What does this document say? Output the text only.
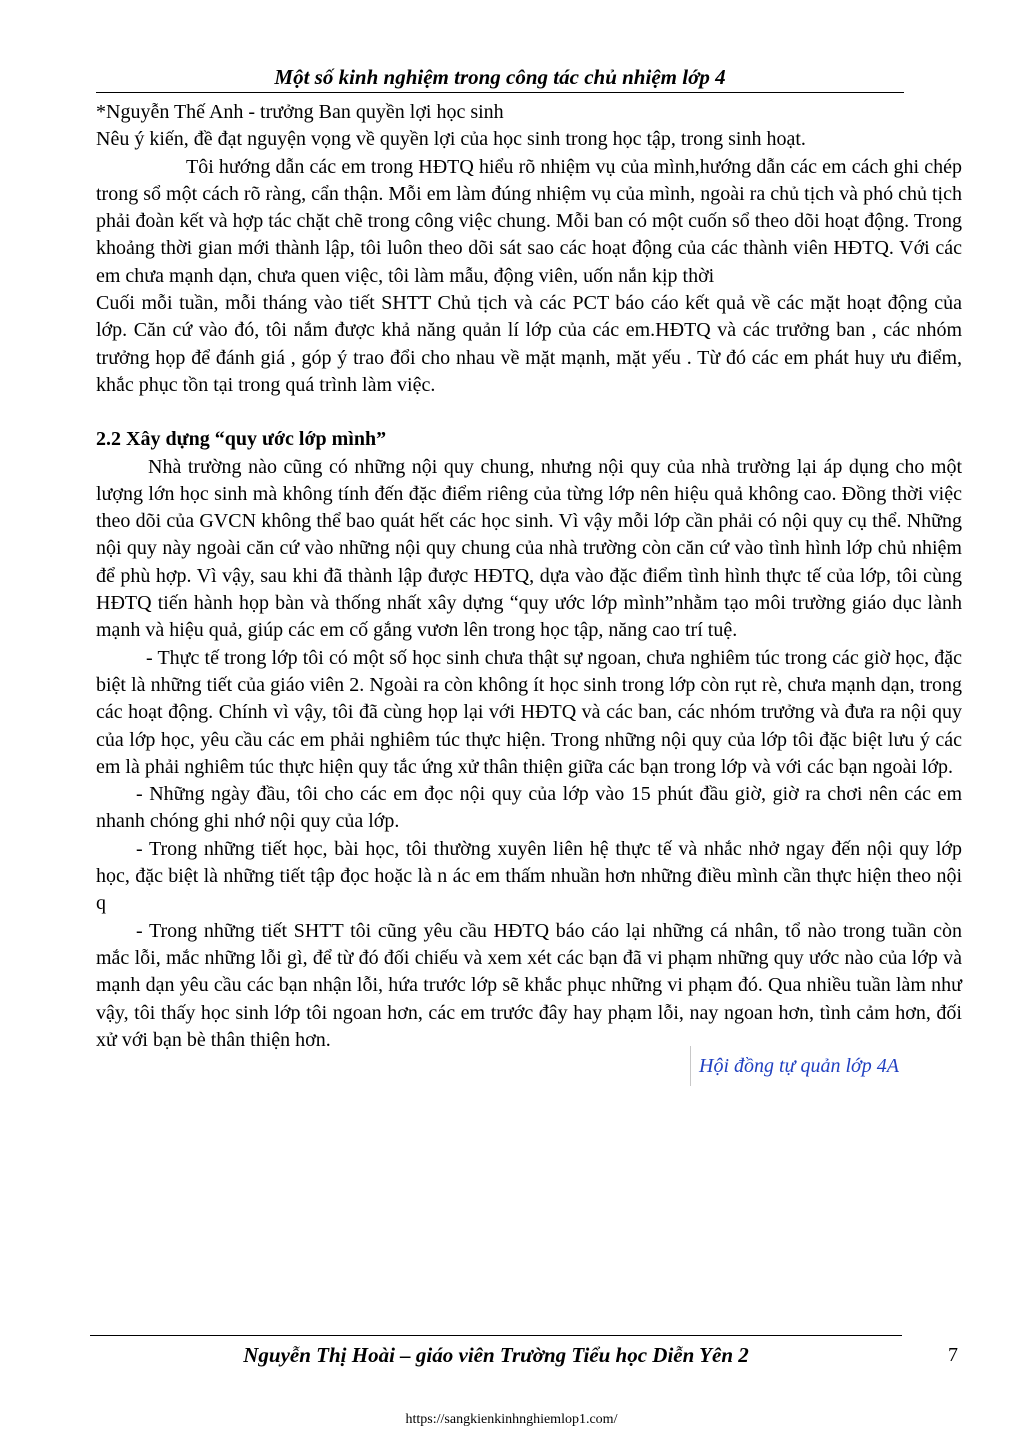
Một số kinh nghiệm trong công tác chủ nhiệm lớp 4

*Nguyễn Thế Anh - trưởng Ban quyền lợi học sinh

Nêu ý kiến, đề đạt nguyện vọng về quyền lợi của học sinh trong học tập, trong sinh hoạt.

Tôi hướng dẫn các em trong HĐTQ hiểu rõ nhiệm vụ của mình,hướng dẫn các em cách ghi chép trong sổ một cách rõ ràng, cẩn thận. Mỗi em làm đúng nhiệm vụ của mình, ngoài ra chủ tịch và phó chủ tịch phải đoàn kết và hợp tác chặt chẽ trong công việc chung. Mỗi ban có một cuốn sổ theo dõi hoạt động. Trong khoảng thời gian mới thành lập, tôi luôn theo dõi sát sao các hoạt động của các thành viên HĐTQ. Với các em chưa mạnh dạn, chưa quen việc, tôi làm mẫu, động viên, uốn nắn kịp thời

Cuối mỗi tuần, mỗi tháng vào tiết SHTT Chủ tịch và các PCT báo cáo kết quả về các mặt hoạt động của lớp. Căn cứ vào đó, tôi nắm được khả năng quản lí lớp của các em.HĐTQ và các trưởng ban , các nhóm trưởng họp để đánh giá , góp ý trao đổi cho nhau về mặt mạnh, mặt yếu . Từ đó các em phát huy ưu điểm, khắc phục tồn tại trong quá trình làm việc.

2.2 Xây dựng “quy ước lớp mình”

Nhà trường nào cũng có những nội quy chung, nhưng nội quy của nhà trường lại áp dụng cho một lượng lớn học sinh mà không tính đến đặc điểm riêng của từng lớp nên hiệu quả không cao. Đồng thời việc theo dõi của GVCN không thể bao quát hết các học sinh. Vì vậy mỗi lớp cần phải có nội quy cụ thể. Những nội quy này ngoài căn cứ vào những nội quy chung của nhà trường còn căn cứ vào tình hình lớp chủ nhiệm để phù hợp. Vì vậy, sau khi đã thành lập được HĐTQ, dựa vào đặc điểm tình hình thực tế của lớp, tôi cùng HĐTQ tiến hành họp bàn và thống nhất xây dựng “quy ước lớp mình”nhằm tạo môi trường giáo dục lành mạnh và hiệu quả, giúp các em cố gắng vươn lên trong học tập, năng cao trí tuệ.

- Thực tế trong lớp tôi có một số học sinh chưa thật sự ngoan, chưa nghiêm túc trong các giờ học, đặc biệt là những tiết của giáo viên 2. Ngoài ra còn không ít học sinh trong lớp còn rụt rè, chưa mạnh dạn, trong các hoạt động. Chính vì vậy, tôi đã cùng họp lại với HĐTQ và các ban, các nhóm trưởng và đưa ra nội quy của lớp học, yêu cầu các em phải nghiêm túc thực hiện. Trong những nội quy của lớp tôi đặc biệt lưu ý các em là phải nghiêm túc thực hiện quy tắc ứng xử thân thiện giữa các bạn trong lớp và với các bạn ngoài lớp.

- Những ngày đầu, tôi cho các em đọc nội quy của lớp vào 15 phút đầu giờ, giờ ra chơi nên các em nhanh chóng ghi nhớ nội quy của lớp.

- Trong những tiết học, bài học, tôi thường xuyên liên hệ thực tế và nhắc nhở ngay đến nội quy lớp học, đặc biệt là những tiết tập đọc hoặc là n ác em thấm nhuần hơn những điều mình cần thực hiện theo nội q

- Trong những tiết SHTT tôi cũng yêu cầu HĐTQ báo cáo lại những cá nhân, tổ nào trong tuần còn mắc lỗi, mắc những lỗi gì, để từ đó đối chiếu và xem xét các bạn đã vi phạm những quy ước nào của lớp và mạnh dạn yêu cầu các bạn nhận lỗi, hứa trước lớp sẽ khắc phục những vi phạm đó. Qua nhiều tuần làm như vậy, tôi thấy học sinh lớp tôi ngoan hơn, các em trước đây hay phạm lỗi, nay ngoan hơn, tình cảm hơn, đối xử với bạn bè thân thiện hơn.

Hội đồng tự quản lớp 4A
Nguyễn Thị Hoài – giáo viên Trường Tiểu học Diễn Yên 2	7
https://sangkienkinhnghiemlop1.com/
